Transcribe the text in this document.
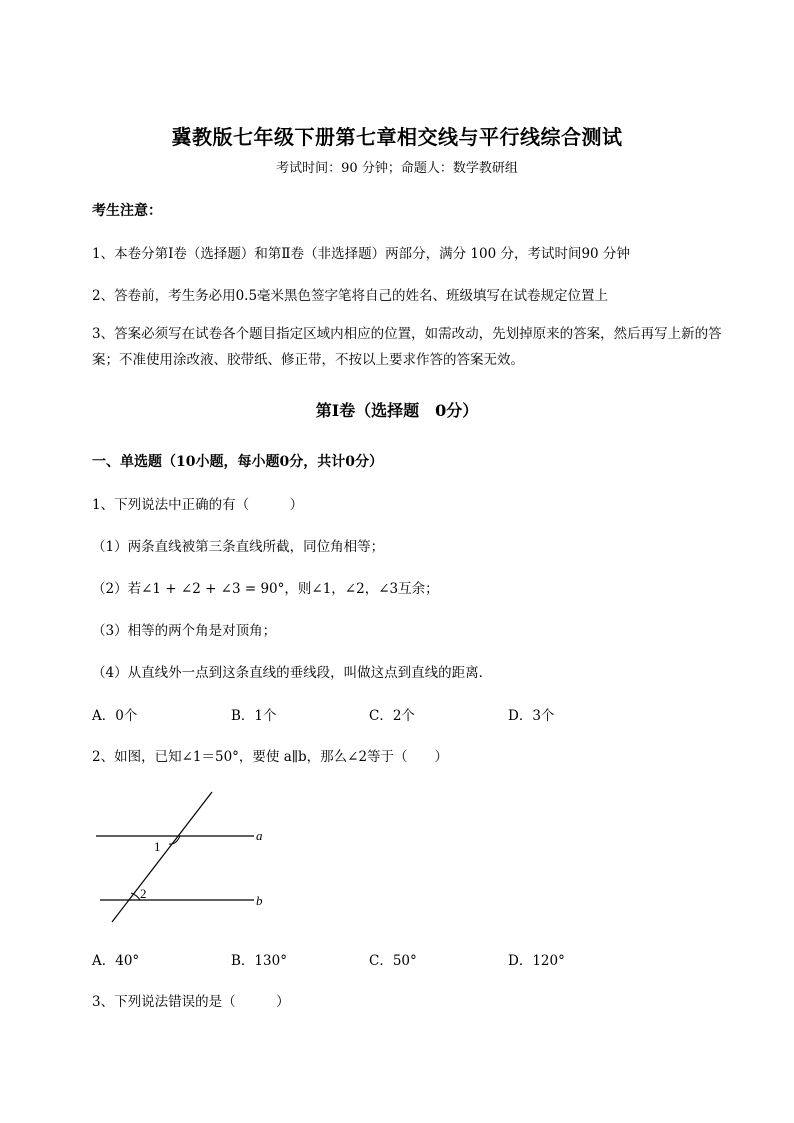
冀教版七年级下册第七章相交线与平行线综合测试
考试时间：90 分钟；命题人：数学教研组
考生注意：
1、本卷分第Ⅰ卷（选择题）和第Ⅱ卷（非选择题）两部分，满分 100 分，考试时间90 分钟
2、答卷前，考生务必用0.5毫米黑色签字笔将自己的姓名、班级填写在试卷规定位置上
3、答案必须写在试卷各个题目指定区域内相应的位置，如需改动，先划掉原来的答案，然后再写上新的答案；不准使用涂改液、胶带纸、修正带，不按以上要求作答的答案无效。
第Ⅰ卷（选择题　0分）
一、单选题（10小题，每小题0分，共计0分）
1、下列说法中正确的有（　　　）
（1）两条直线被第三条直线所截，同位角相等；
（2）若∠1 + ∠2 + ∠3 = 90°，则∠1，∠2，∠3互余；
（3）相等的两个角是对顶角；
（4）从直线外一点到这条直线的垂线段，叫做这点到直线的距离．
A．0个	B．1个	C．2个	D．3个
2、如图，已知∠1＝50°，要使 a∥b，那么∠2等于（　　）
1
2
a
b
A．40°	B．130°	C．50°	D．120°
3、下列说法错误的是（　　　）
